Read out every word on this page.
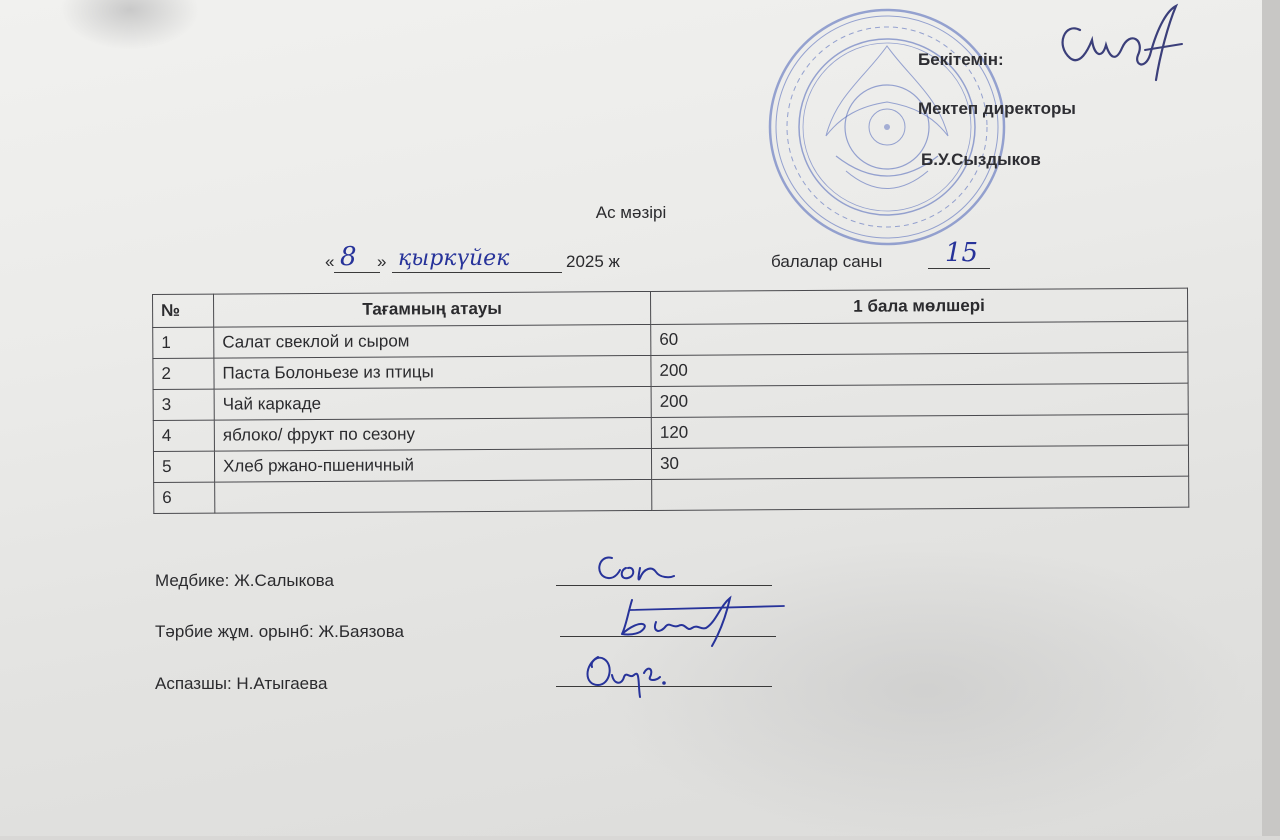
Бекітемін:
Мектеп директоры
Б.У.Сыздыков
Ас мәзірі
« 8 » қыркүйек	2025 ж	балалар саны 15
№	Тағамның атауы	1 бала мөлшері
1	Салат свеклой и сыром	60
2	Паста Болоньезе из птицы	200
3	Чай каркаде	200
4	яблоко/ фрукт по сезону	120
5	Хлеб ржано-пшеничный	30
6		
Медбике: Ж.Салыкова
Тәрбие жұм. орынб: Ж.Баязова
Аспазшы: Н.Атыгаева
